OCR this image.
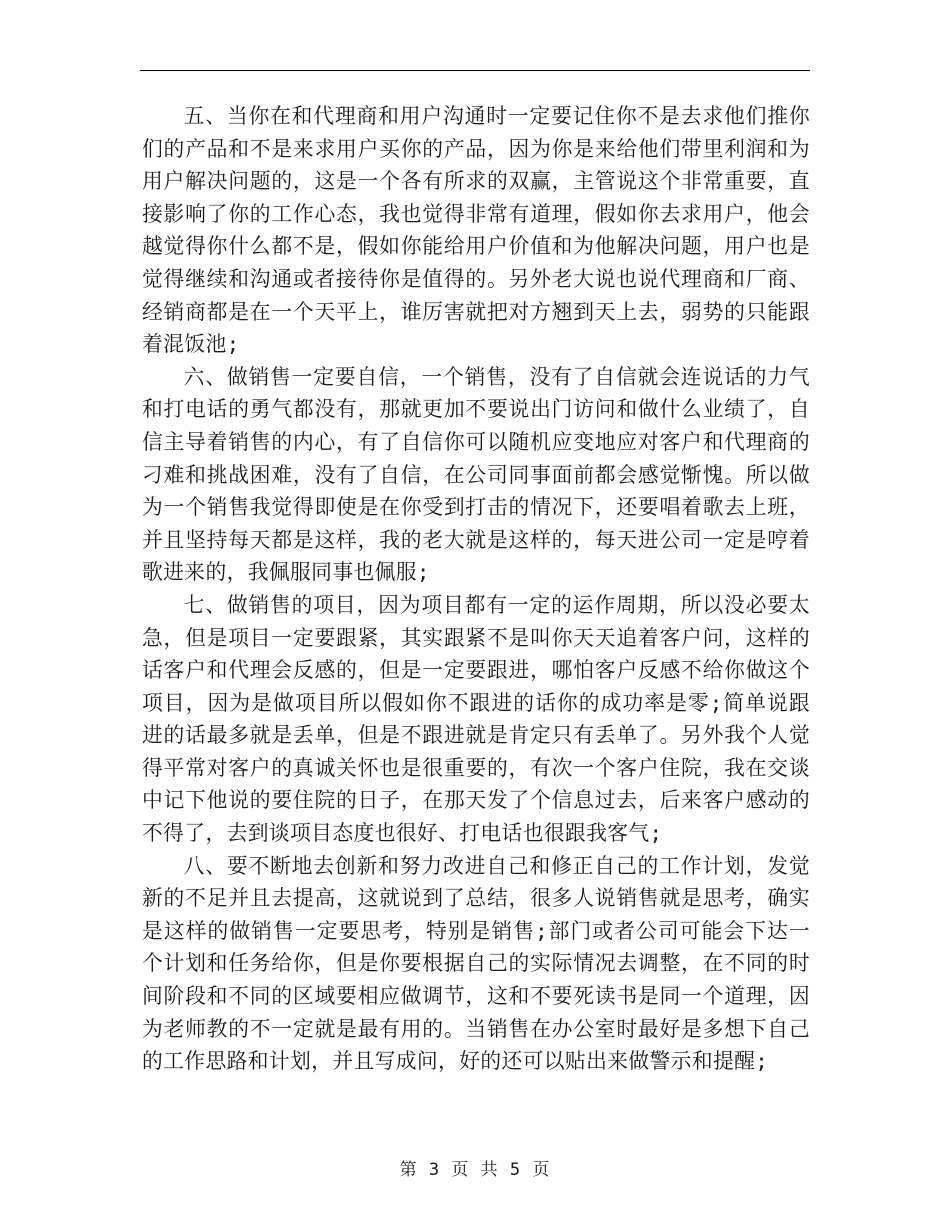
五、当你在和代理商和用户沟通时一定要记住你不是去求他们推你们的产品和不是来求用户买你的产品，因为你是来给他们带里利润和为用户解决问题的，这是一个各有所求的双赢，主管说这个非常重要，直接影响了你的工作心态，我也觉得非常有道理，假如你去求用户，他会越觉得你什么都不是，假如你能给用户价值和为他解决问题，用户也是觉得继续和沟通或者接待你是值得的。另外老大说也说代理商和厂商、经销商都是在一个天平上，谁厉害就把对方翘到天上去，弱势的只能跟着混饭池;

六、做销售一定要自信，一个销售，没有了自信就会连说话的力气和打电话的勇气都没有，那就更加不要说出门访问和做什么业绩了，自信主导着销售的内心，有了自信你可以随机应变地应对客户和代理商的刁难和挑战困难，没有了自信，在公司同事面前都会感觉惭愧。所以做为一个销售我觉得即使是在你受到打击的情况下，还要唱着歌去上班，并且坚持每天都是这样，我的老大就是这样的，每天进公司一定是哼着歌进来的，我佩服同事也佩服;

七、做销售的项目，因为项目都有一定的运作周期，所以没必要太急，但是项目一定要跟紧，其实跟紧不是叫你天天追着客户问，这样的话客户和代理会反感的，但是一定要跟进，哪怕客户反感不给你做这个项目，因为是做项目所以假如你不跟进的话你的成功率是零;简单说跟进的话最多就是丢单，但是不跟进就是肯定只有丢单了。另外我个人觉得平常对客户的真诚关怀也是很重要的，有次一个客户住院，我在交谈中记下他说的要住院的日子，在那天发了个信息过去，后来客户感动的不得了，去到谈项目态度也很好、打电话也很跟我客气;

八、要不断地去创新和努力改进自己和修正自己的工作计划，发觉新的不足并且去提高，这就说到了总结，很多人说销售就是思考，确实是这样的做销售一定要思考，特别是销售;部门或者公司可能会下达一个计划和任务给你，但是你要根据自己的实际情况去调整，在不同的时间阶段和不同的区域要相应做调节，这和不要死读书是同一个道理，因为老师教的不一定就是最有用的。当销售在办公室时最好是多想下自己的工作思路和计划，并且写成问，好的还可以贴出来做警示和提醒;

第 3 页 共 5 页
